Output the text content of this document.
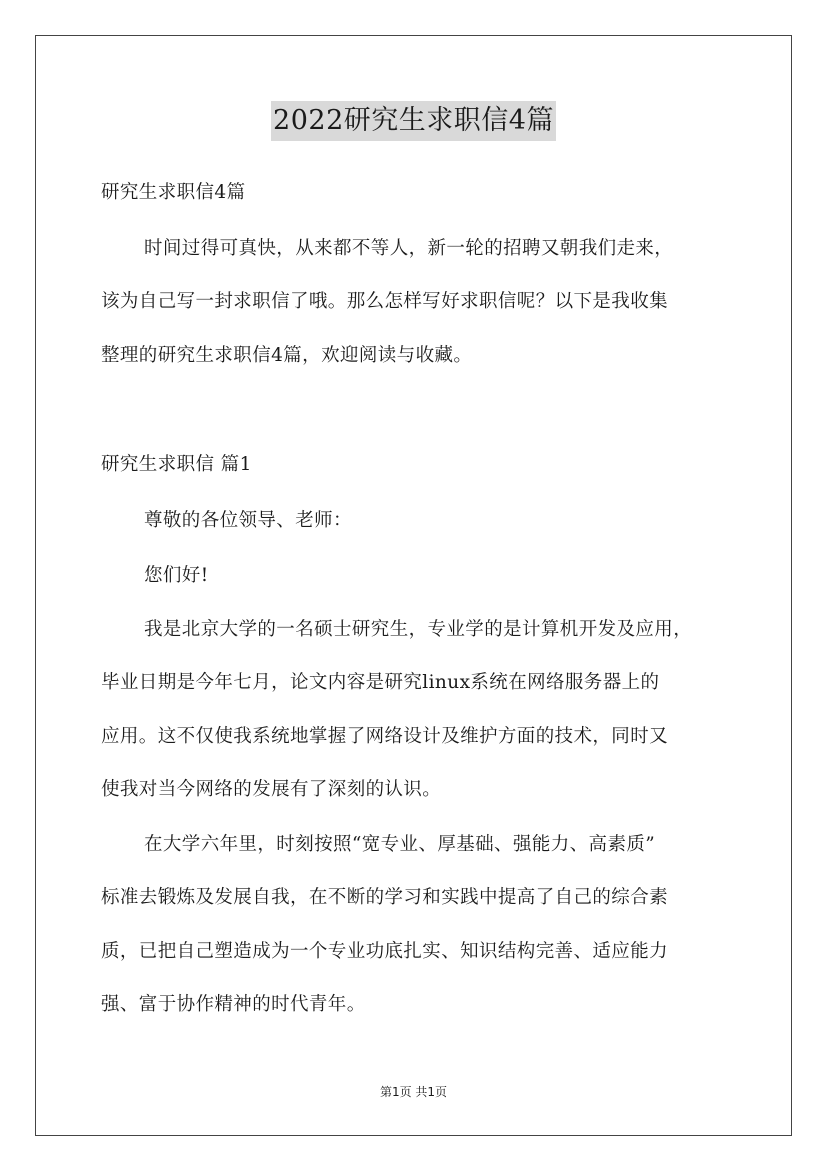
2022研究生求职信4篇
研究生求职信4篇
时间过得可真快，从来都不等人，新一轮的招聘又朝我们走来，
该为自己写一封求职信了哦。那么怎样写好求职信呢？以下是我收集
整理的研究生求职信4篇，欢迎阅读与收藏。
研究生求职信 篇1
尊敬的各位领导、老师：
您们好!
我是北京大学的一名硕士研究生，专业学的是计算机开发及应用，
毕业日期是今年七月，论文内容是研究linux系统在网络服务器上的
应用。这不仅使我系统地掌握了网络设计及维护方面的技术，同时又
使我对当今网络的发展有了深刻的认识。
在大学六年里，时刻按照“宽专业、厚基础、强能力、高素质”
标准去锻炼及发展自我，在不断的学习和实践中提高了自己的综合素
质，已把自己塑造成为一个专业功底扎实、知识结构完善、适应能力
强、富于协作精神的时代青年。
第1页 共1页
